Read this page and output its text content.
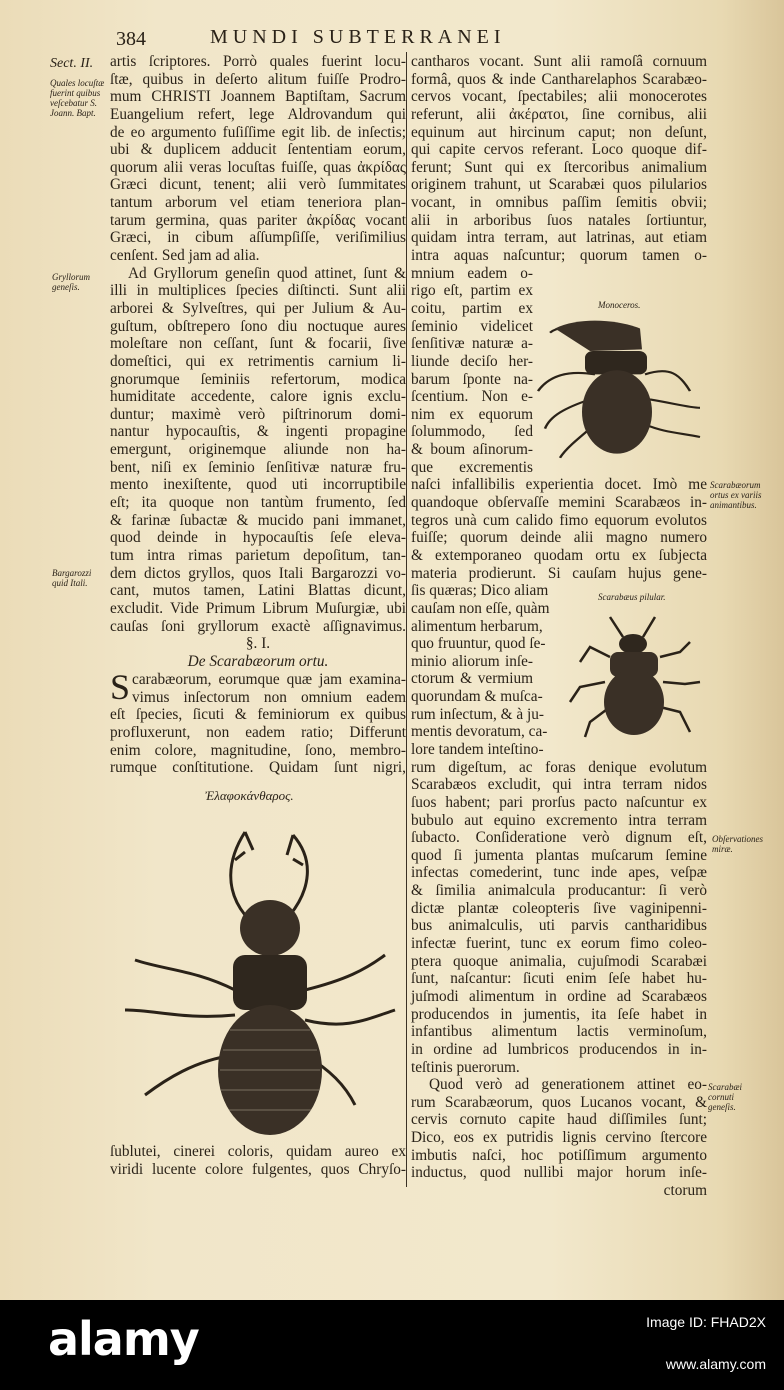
384	MUNDI SUBTERRANEI
Sect. II.
Quales locuſtæ fuerint quibus veſcebatur S. Joann. Bapt.
Gryllorum geneſis.
Bargarozzi quid Itali.
Scarabæorum ortus ex variis animantibus.
Obſervationes miræ.
Scarabæi cornuti geneſis.
artis ſcriptores. Porrò quales fuerint locu-
ſtæ, quibus in deſerto alitum fuiſſe Prodro-
mum CHRISTI Joannem Baptiſtam, Sacrum
Euangelium refert, lege Aldrovandum qui
de eo argumento fuſiſſime egit lib. de inſectis;
ubi & duplicem adducit ſententiam eorum,
quorum alii veras locuſtas fuiſſe, quas ἀκρίδας
Græci dicunt, tenent; alii verò ſummitates
tantum arborum vel etiam teneriora plan-
tarum germina, quas pariter ἀκρίδας vocant
Græci, in cibum aſſumpſiſſe, veriſimilius
cenſent. Sed jam ad alia.
Ad Gryllorum geneſin quod attinet, ſunt &
illi in multiplices ſpecies diſtincti. Sunt alii
arborei & Sylveſtres, qui per Julium & Au-
guſtum, obſtrepero ſono diu noctuque aures
moleſtare non ceſſant, ſunt & focarii, ſive
domeſtici, qui ex retrimentis carnium li-
gnorumque ſeminiis refertorum, modica
humiditate accedente, calore ignis exclu-
duntur; maximè verò piſtrinorum domi-
nantur hypocauſtis, & ingenti propagine
emergunt, originemque aliunde non ha-
bent, niſi ex ſeminio ſenſitivæ naturæ fru-
mento inexiſtente, quod uti incorruptibile
eſt; ita quoque non tantùm frumento, ſed
& farinæ ſubactæ & mucido pani immanet,
quod deinde in hypocauſtis ſeſe eleva-
tum intra rimas parietum depoſitum, tan-
dem dictos gryllos, quos Itali Bargarozzi vo-
cant, mutos tamen, Latini Blattas dicunt,
excludit. Vide Primum Librum Muſurgiæ, ubi
cauſas ſoni gryllorum exactè aſſignavimus.
§. I.
De Scarabæorum ortu.
S carabæorum, eorumque quæ jam examina-
vimus inſectorum non omnium eadem
eſt ſpecies, ſicuti & feminiorum ex quibus
profluxerunt, non eadem ratio; Differunt
enim colore, magnitudine, ſono, membro-
rumque conſtitutione. Quidam ſunt nigri,
Ἐλαφοκάνθαρος.
ſublutei, cinerei coloris, quidam aureo ex
viridi lucente colore fulgentes, quos Chryſo-
cantharos vocant. Sunt alii ramoſâ cornuum
formâ, quos & inde Cantharelaphos Scarabæo-
cervos vocant, ſpectabiles; alii monocerotes
referunt, alii ἀκέρατοι, ſine cornibus, alii
equinum aut hircinum caput; non deſunt,
qui capite cervos referant. Loco quoque dif-
ferunt; Sunt qui ex ſtercoribus animalium
originem trahunt, ut Scarabæi quos pilularios
vocant, in omnibus paſſim ſemitis obvii;
alii in arboribus ſuos natales ſortiuntur,
quidam intra terram, aut latrinas, aut etiam
intra aquas naſcuntur; quorum tamen o-
mnium eadem o-
rigo eſt, partim ex
coitu, partim ex
ſeminio videlicet
ſenſitivæ naturæ a-
liunde deciſo her-
barum ſponte na-
ſcentium. Non e-
nim ex equorum
ſolummodo, ſed
& boum aſinorum-
que excrementis
naſci infallibilis experientia docet. Imò me
quandoque obſervaſſe memini Scarabæos in-
tegros unà cum calido fimo equorum evolutos
fuiſſe; quorum deinde alii magno numero
& extemporaneo quodam ortu ex ſubjecta
materia prodierunt. Si cauſam hujus gene-
ſis quæras; Dico aliam
cauſam non eſſe, quàm
alimentum herbarum,
quo fruuntur, quod ſe-
minio aliorum inſe-
ctorum & vermium
quorundam & muſca-
rum inſectum, & à ju-
mentis devoratum, ca-
lore tandem inteſtino-
rum digeſtum, ac foras denique evolutum
Scarabæos excludit, qui intra terram nidos
ſuos habent; pari prorſus pacto naſcuntur ex
bubulo aut equino excremento intra terram
ſubacto. Conſideratione verò dignum eſt,
quod ſi jumenta plantas muſcarum ſemine
infectas comederint, tunc inde apes, veſpæ
& ſimilia animalcula producantur: ſi verò
dictæ plantæ coleopteris ſive vaginipenni-
bus animalculis, uti parvis cantharidibus
infectæ fuerint, tunc ex eorum fimo coleo-
ptera quoque animalia, cujuſmodi Scarabæi
ſunt, naſcantur: ſicuti enim ſeſe habet hu-
juſmodi alimentum in ordine ad Scarabæos
producendos in jumentis, ita ſeſe habet in
infantibus alimentum lactis verminoſum,
in ordine ad lumbricos producendos in in-
teſtinis puerorum.
Quod verò ad generationem attinet eo-
rum Scarabæorum, quos Lucanos vocant, &
cervis cornuto capite haud diſſimiles ſunt;
Dico, eos ex putridis lignis cervino ſtercore
imbutis naſci, hoc potiſſimum argumento
inductus, quod nullibi major horum inſe-
ctorum
Monoceros.
Scarabæus pilular.
alamy	Image ID: FHAD2X
www.alamy.com
